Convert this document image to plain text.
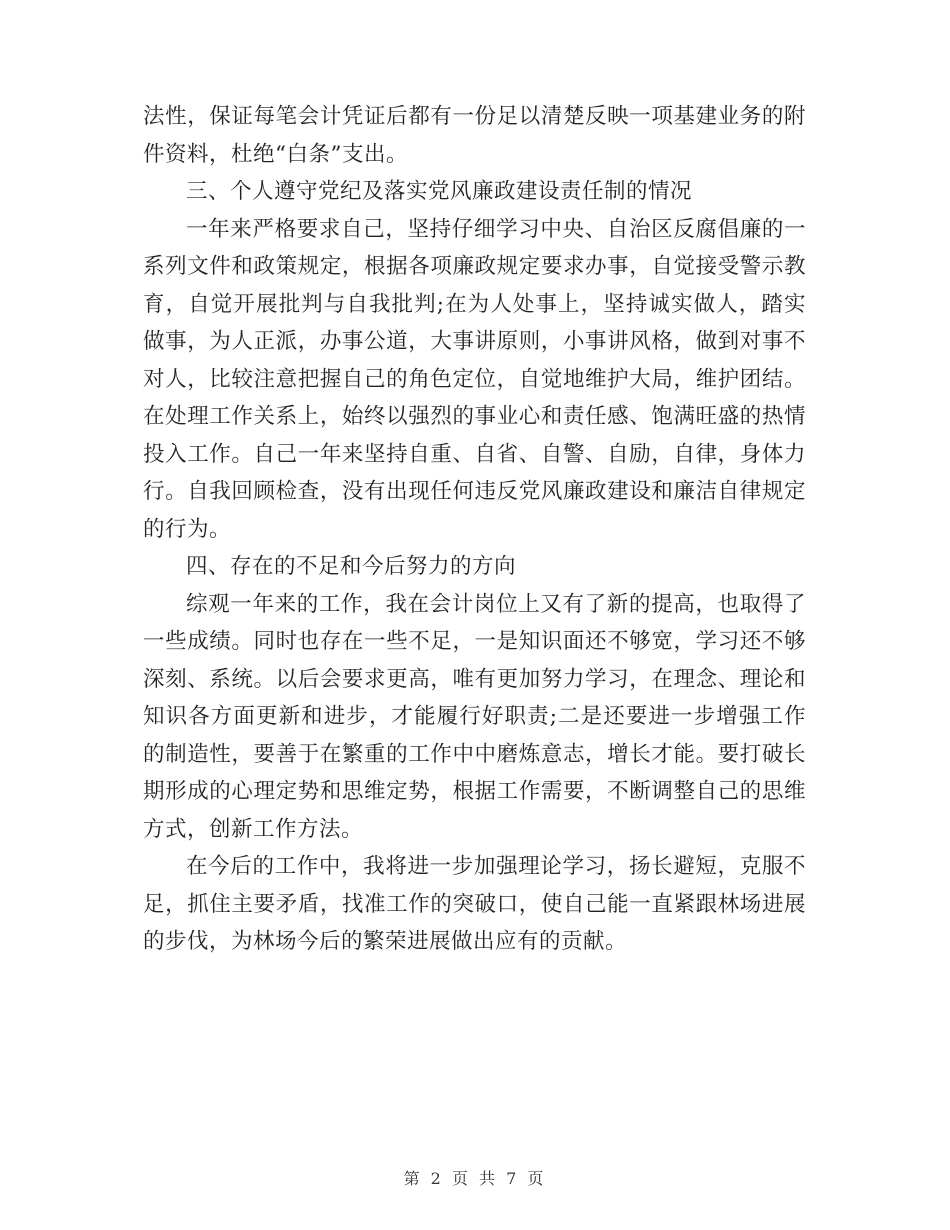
法性，保证每笔会计凭证后都有一份足以清楚反映一项基建业务的附件资料，杜绝“白条”支出。

三、个人遵守党纪及落实党风廉政建设责任制的情况

一年来严格要求自己，坚持仔细学习中央、自治区反腐倡廉的一系列文件和政策规定，根据各项廉政规定要求办事，自觉接受警示教育，自觉开展批判与自我批判;在为人处事上，坚持诚实做人，踏实做事，为人正派，办事公道，大事讲原则，小事讲风格，做到对事不对人，比较注意把握自己的角色定位，自觉地维护大局，维护团结。在处理工作关系上，始终以强烈的事业心和责任感、饱满旺盛的热情投入工作。自己一年来坚持自重、自省、自警、自励，自律，身体力行。自我回顾检查，没有出现任何违反党风廉政建设和廉洁自律规定的行为。

四、存在的不足和今后努力的方向

综观一年来的工作，我在会计岗位上又有了新的提高，也取得了一些成绩。同时也存在一些不足，一是知识面还不够宽，学习还不够深刻、系统。以后会要求更高，唯有更加努力学习，在理念、理论和知识各方面更新和进步，才能履行好职责;二是还要进一步增强工作的制造性，要善于在繁重的工作中中磨炼意志，增长才能。要打破长期形成的心理定势和思维定势，根据工作需要，不断调整自己的思维方式，创新工作方法。

在今后的工作中，我将进一步加强理论学习，扬长避短，克服不足，抓住主要矛盾，找准工作的突破口，使自己能一直紧跟林场进展的步伐，为林场今后的繁荣进展做出应有的贡献。

第 2 页 共 7 页
